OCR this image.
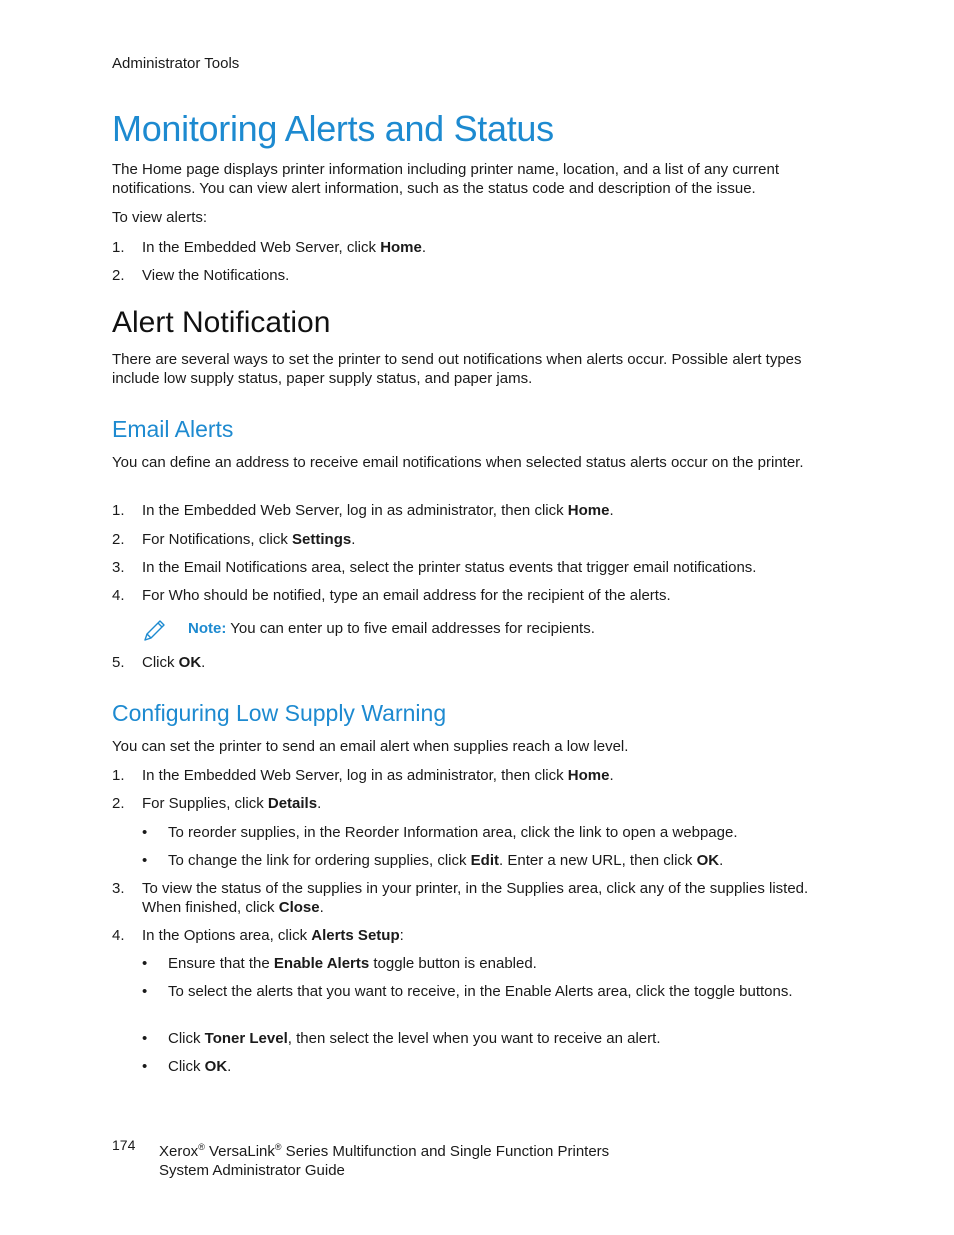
Administrator Tools
Monitoring Alerts and Status
The Home page displays printer information including printer name, location, and a list of any current notifications. You can view alert information, such as the status code and description of the issue.
To view alerts:
1. In the Embedded Web Server, click Home.
2. View the Notifications.
Alert Notification
There are several ways to set the printer to send out notifications when alerts occur. Possible alert types include low supply status, paper supply status, and paper jams.
Email Alerts
You can define an address to receive email notifications when selected status alerts occur on the printer.
1. In the Embedded Web Server, log in as administrator, then click Home.
2. For Notifications, click Settings.
3. In the Email Notifications area, select the printer status events that trigger email notifications.
4. For Who should be notified, type an email address for the recipient of the alerts.
Note: You can enter up to five email addresses for recipients.
5. Click OK.
Configuring Low Supply Warning
You can set the printer to send an email alert when supplies reach a low level.
1. In the Embedded Web Server, log in as administrator, then click Home.
2. For Supplies, click Details.
• To reorder supplies, in the Reorder Information area, click the link to open a webpage.
• To change the link for ordering supplies, click Edit. Enter a new URL, then click OK.
3. To view the status of the supplies in your printer, in the Supplies area, click any of the supplies listed. When finished, click Close.
4. In the Options area, click Alerts Setup:
• Ensure that the Enable Alerts toggle button is enabled.
• To select the alerts that you want to receive, in the Enable Alerts area, click the toggle buttons.
• Click Toner Level, then select the level when you want to receive an alert.
• Click OK.
174 Xerox® VersaLink® Series Multifunction and Single Function Printers
System Administrator Guide
